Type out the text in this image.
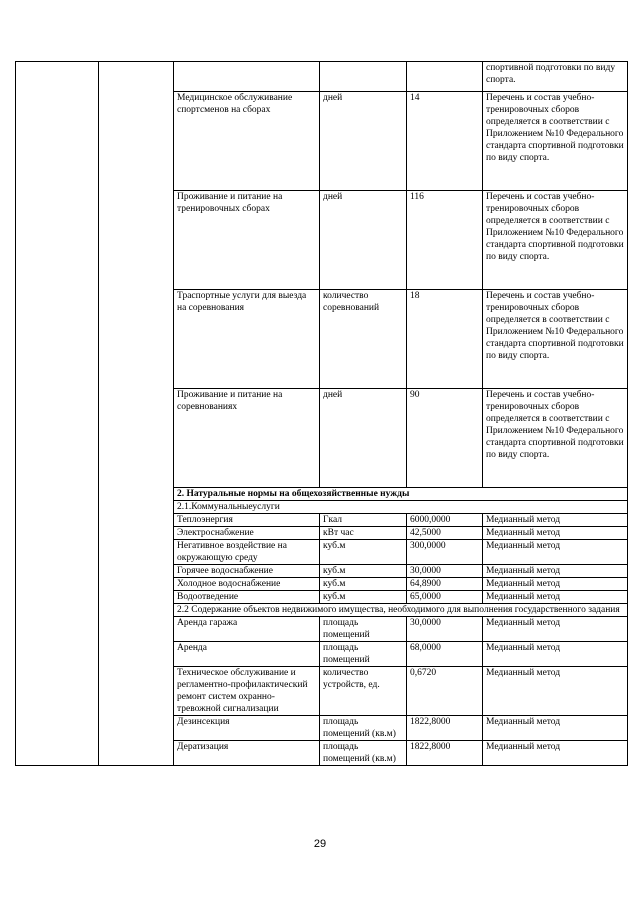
					спортивной подготовки по виду спорта.
		Медицинское обслуживание спортсменов на сборах	дней	14	Перечень и состав учебно-тренировочных сборов определяется в соответствии с Приложением №10 Федерального стандарта спортивной подготовки по виду спорта.
		Проживание и питание на тренировочных сборах	дней	116	Перечень и состав учебно-тренировочных сборов определяется в соответствии с Приложением №10 Федерального стандарта спортивной подготовки по виду спорта.
		Траспортные услуги для выезда на соревнования	количество соревнований	18	Перечень и состав учебно-тренировочных сборов определяется в соответствии с Приложением №10 Федерального стандарта спортивной подготовки по виду спорта.
		Проживание и питание на соревнованиях	дней	90	Перечень и состав учебно-тренировочных сборов определяется в соответствии с Приложением №10 Федерального стандарта спортивной подготовки по виду спорта.
		2. Натуральные нормы на общехозяйственные нужды			
		2.1.Коммунальныеуслуги			
		Теплоэнергия	Гкал	6000,0000	Медианный метод
		Электроснабжение	кВт час	42,5000	Медианный метод
		Негативное воздействие на окружающую среду	куб.м	300,0000	Медианный метод
		Горячее водоснабжение	куб.м	30,0000	Медианный метод
		Холодное водоснабжение	куб.м	64,8900	Медианный метод
		Водоотведение	куб.м	65,0000	Медианный метод
		2.2 Содержание объектов недвижимого имущества, необходимого для выполнения государственного задания			
		Аренда гаража	площадь помещений	30,0000	Медианный метод
		Аренда	площадь помещений	68,0000	Медианный метод
		Техническое обслуживание и регламентно-профилактический ремонт систем охранно-тревожной сигнализации	количество устройств, ед.	0,6720	Медианный метод
		Дезинсекция	площадь помещений (кв.м)	1822,8000	Медианный метод
		Дератизация	площадь помещений (кв.м)	1822,8000	Медианный метод
29
